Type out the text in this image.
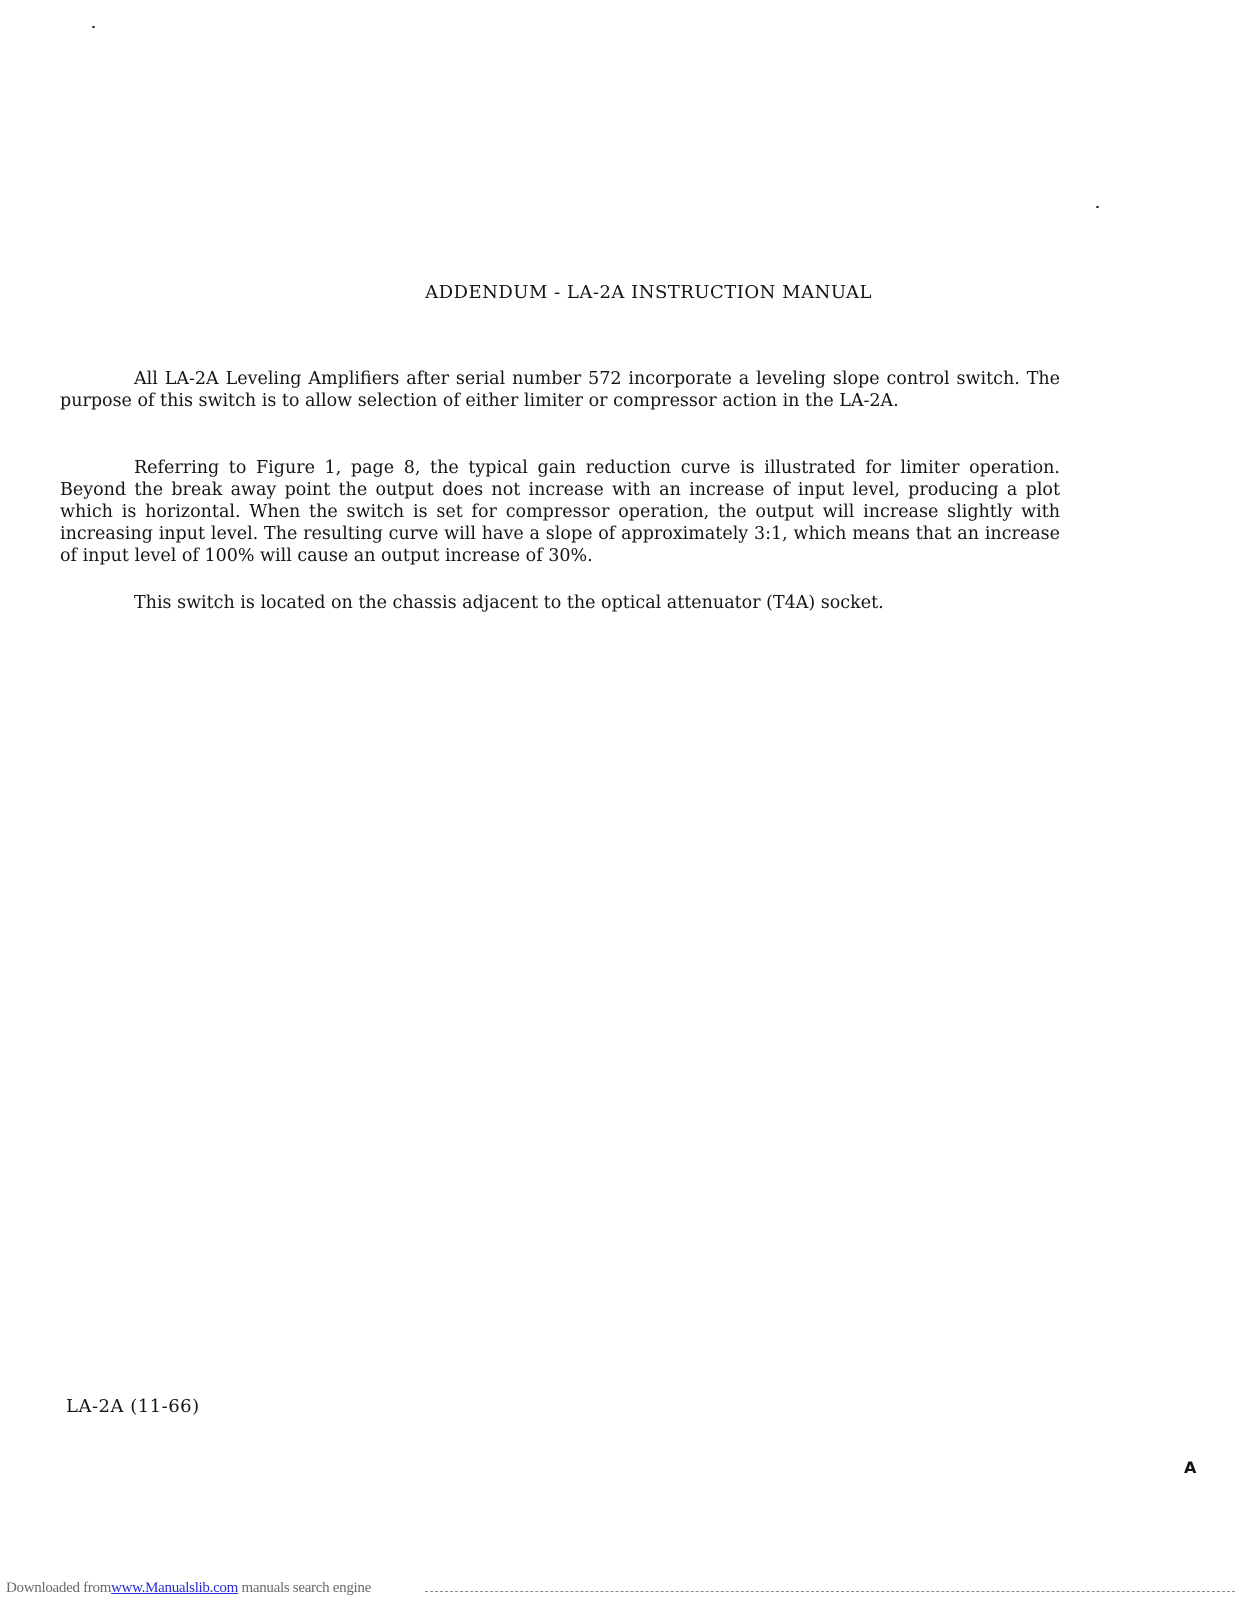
ADDENDUM - LA-2A INSTRUCTION MANUAL
All LA-2A Leveling Amplifiers after serial number 572 incorporate a leveling slope control switch. The purpose of this switch is to allow selection of either limiter or compressor action in the LA-2A.
Referring to Figure 1, page 8, the typical gain reduction curve is illustrated for limiter operation. Beyond the break away point the output does not increase with an increase of input level, producing a plot which is horizontal. When the switch is set for compressor operation, the output will increase slightly with increasing input level. The resulting curve will have a slope of approximately 3:1, which means that an increase of input level of 100% will cause an output increase of 30%.
This switch is located on the chassis adjacent to the optical attenuator (T4A) socket.
LA-2A (11-66)
A
Downloaded fromwww.Manualslib.com manuals search engine
